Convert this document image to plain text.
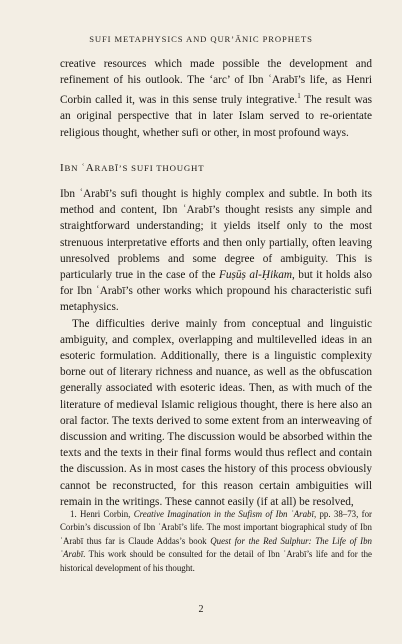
SUFI METAPHYSICS AND QUR’ĀNIC PROPHETS

creative resources which made possible the development and refinement of his outlook. The ‘arc’ of Ibn ʿArabī’s life, as Henri Corbin called it, was in this sense truly integrative.$^1$ The result was an original perspective that in later Islam served to re-orientate religious thought, whether sufi or other, in most profound ways.

IBN ʿARABĪ’S SUFI THOUGHT

Ibn ʿArabī’s sufi thought is highly complex and subtle. In both its method and content, Ibn ʿArabī’s thought resists any simple and straightforward understanding; it yields itself only to the most strenuous interpretative efforts and then only partially, often leaving unresolved problems and some degree of ambiguity. This is particularly true in the case of the Fuṣūṣ al-Ḥikam, but it holds also for Ibn ʿArabī’s other works which propound his characteristic sufi metaphysics.

The difficulties derive mainly from conceptual and linguistic ambiguity, and complex, overlapping and multilevelled ideas in an esoteric formulation. Additionally, there is a linguistic complexity borne out of literary richness and nuance, as well as the obfuscation generally associated with esoteric ideas. Then, as with much of the literature of medieval Islamic religious thought, there is here also an oral factor. The texts derived to some extent from an interweaving of discussion and writing. The discussion would be absorbed within the texts and the texts in their final forms would thus reflect and contain the discussion. As in most cases the history of this process obviously cannot be reconstructed, for this reason certain ambiguities will remain in the writings. These cannot easily (if at all) be resolved,

1. Henri Corbin, Creative Imagination in the Sufism of Ibn ʿArabī, pp. 38–73, for Corbin’s discussion of Ibn ʿArabī’s life. The most important biographical study of Ibn ʿArabī thus far is Claude Addas’s book Quest for the Red Sulphur: The Life of Ibn ʿArabī. This work should be consulted for the detail of Ibn ʿArabī’s life and for the historical development of his thought.

2
